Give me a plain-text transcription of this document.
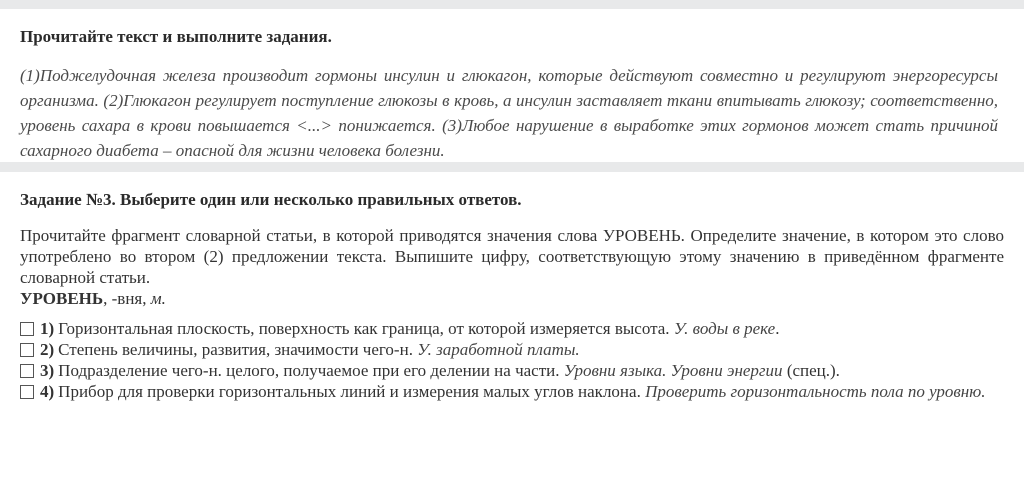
Прочитайте текст и выполните задания.

(1)Поджелудочная железа производит гормоны инсулин и глюкагон, которые действуют совместно и регулируют энергоресурсы организма. (2)Глюкагон регулирует поступление глюкозы в кровь, а инсулин заставляет ткани впитывать глюкозу; соответственно, уровень сахара в крови повышается <...> понижается. (3)Любое нарушение в выработке этих гормонов может стать причиной сахарного диабета – опасной для жизни человека болезни.

Задание №3. Выберите один или несколько правильных ответов.

Прочитайте фрагмент словарной статьи, в которой приводятся значения слова УРОВЕНЬ. Определите значение, в котором это слово употреблено во втором (2) предложении текста. Выпишите цифру, соответствующую этому значению в приведённом фрагменте словарной статьи.
УРОВЕНЬ, -вня, м.
1) Горизонтальная плоскость, поверхность как граница, от которой измеряется высота. У. воды в реке.
2) Степень величины, развития, значимости чего-н. У. заработной платы.
3) Подразделение чего-н. целого, получаемое при его делении на части. Уровни языка. Уровни энергии (спец.).
4) Прибор для проверки горизонтальных линий и измерения малых углов наклона. Проверить горизонтальность пола по уровню.
